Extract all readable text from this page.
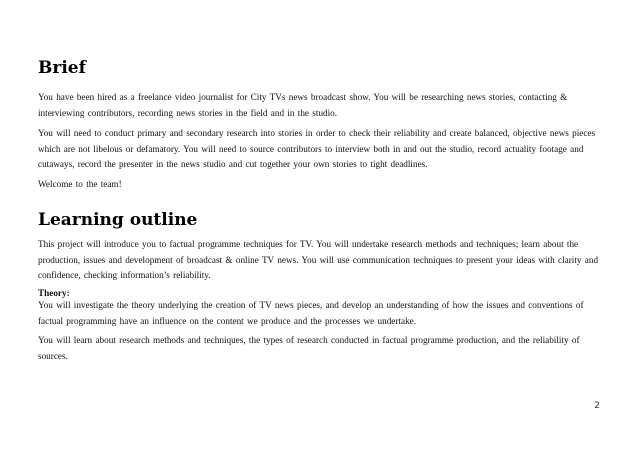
Brief

You have been hired as a freelance video journalist for City TVs news broadcast show. You will be researching news stories, contacting & interviewing contributors, recording news stories in the field and in the studio.

You will need to conduct primary and secondary research into stories in order to check their reliability and create balanced, objective news pieces which are not libelous or defamatory. You will need to source contributors to interview both in and out the studio, record actuality footage and cutaways, record the presenter in the news studio and cut together your own stories to tight deadlines.

Welcome to the team!

Learning outline

This project will introduce you to factual programme techniques for TV. You will undertake research methods and techniques; learn about the production, issues and development of broadcast & online TV news. You will use communication techniques to present your ideas with clarity and confidence, checking information’s reliability.

Theory:

You will investigate the theory underlying the creation of TV news pieces, and develop an understanding of how the issues and conventions of factual programming have an influence on the content we produce and the processes we undertake.

You will learn about research methods and techniques, the types of research conducted in factual programme production, and the reliability of sources.

2
